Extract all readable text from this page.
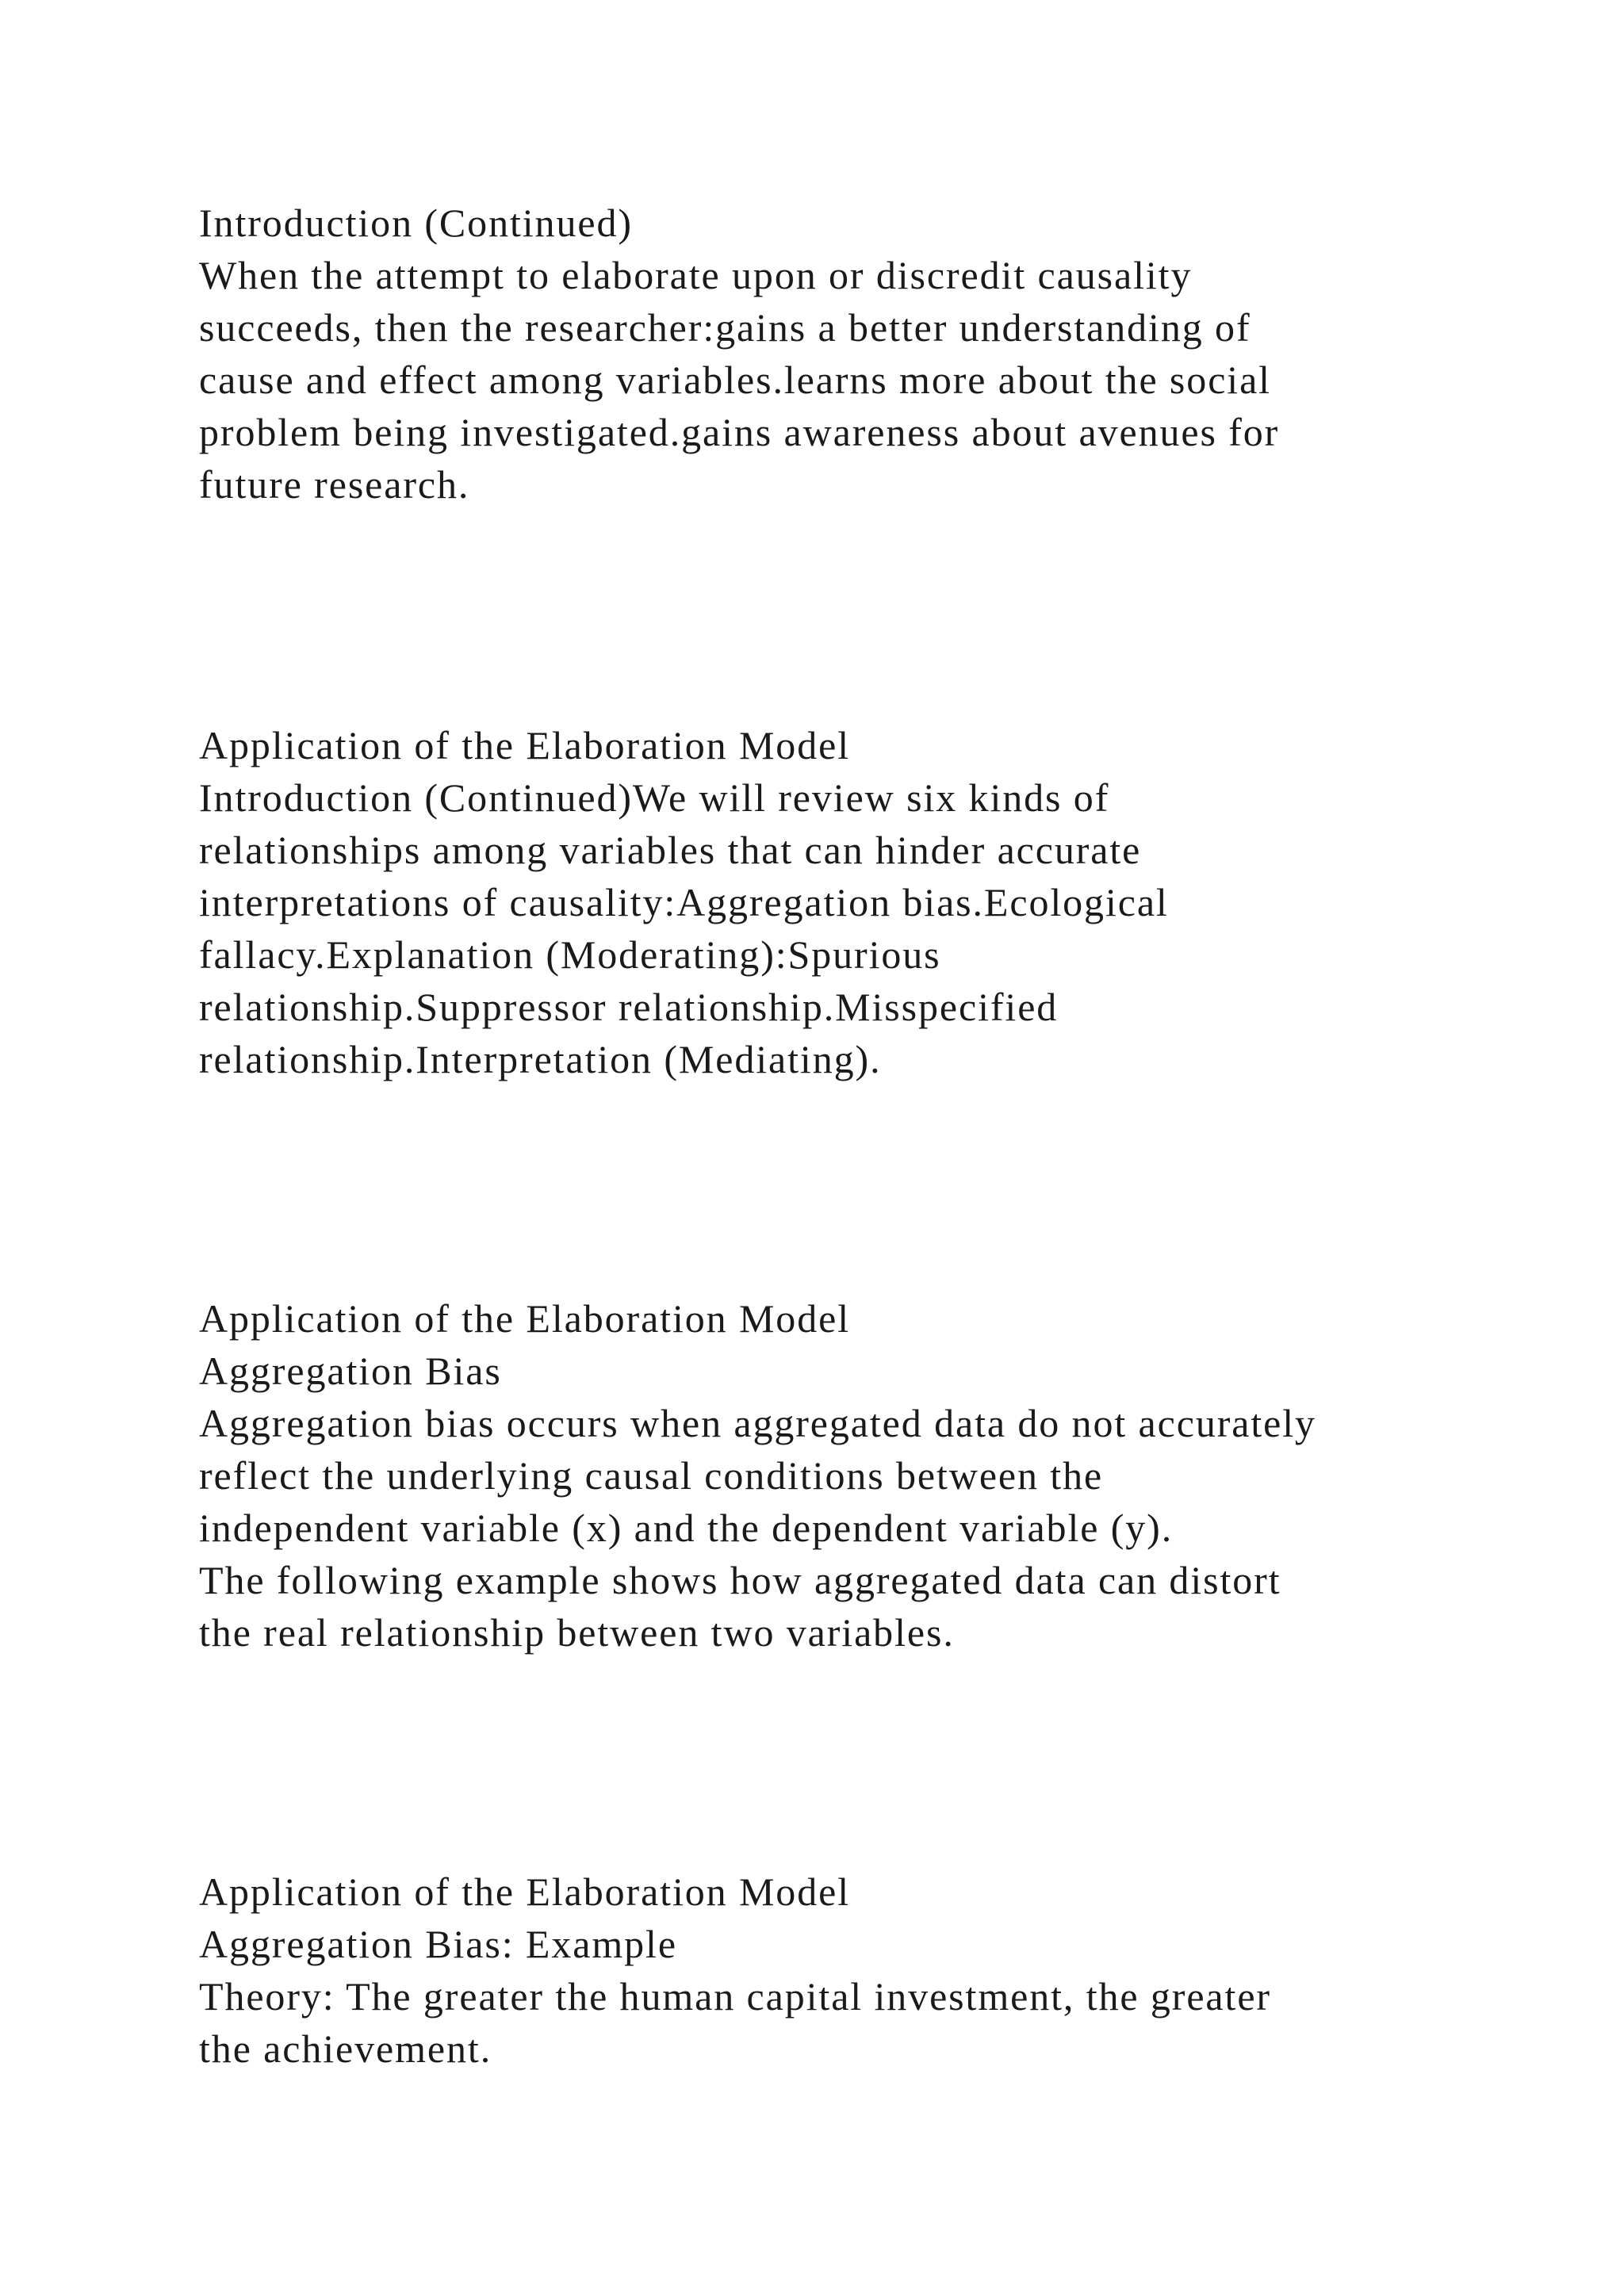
Introduction (Continued)

When the attempt to elaborate upon or discredit causality

succeeds, then the researcher:gains a better understanding of

cause and effect among variables.learns more about the social

problem being investigated.gains awareness about avenues for

future research.

Application of the Elaboration Model

Introduction (Continued)We will review six kinds of

relationships among variables that can hinder accurate

interpretations of causality:Aggregation bias.Ecological

fallacy.Explanation (Moderating):Spurious

relationship.Suppressor relationship.Misspecified

relationship.Interpretation (Mediating).

Application of the Elaboration Model
Aggregation Bias

Aggregation bias occurs when aggregated data do not accurately

reflect the underlying causal conditions between the

independent variable (x) and the dependent variable (y).

The following example shows how aggregated data can distort

the real relationship between two variables.

Application of the Elaboration Model
Aggregation Bias: Example

Theory: The greater the human capital investment, the greater

the achievement.
